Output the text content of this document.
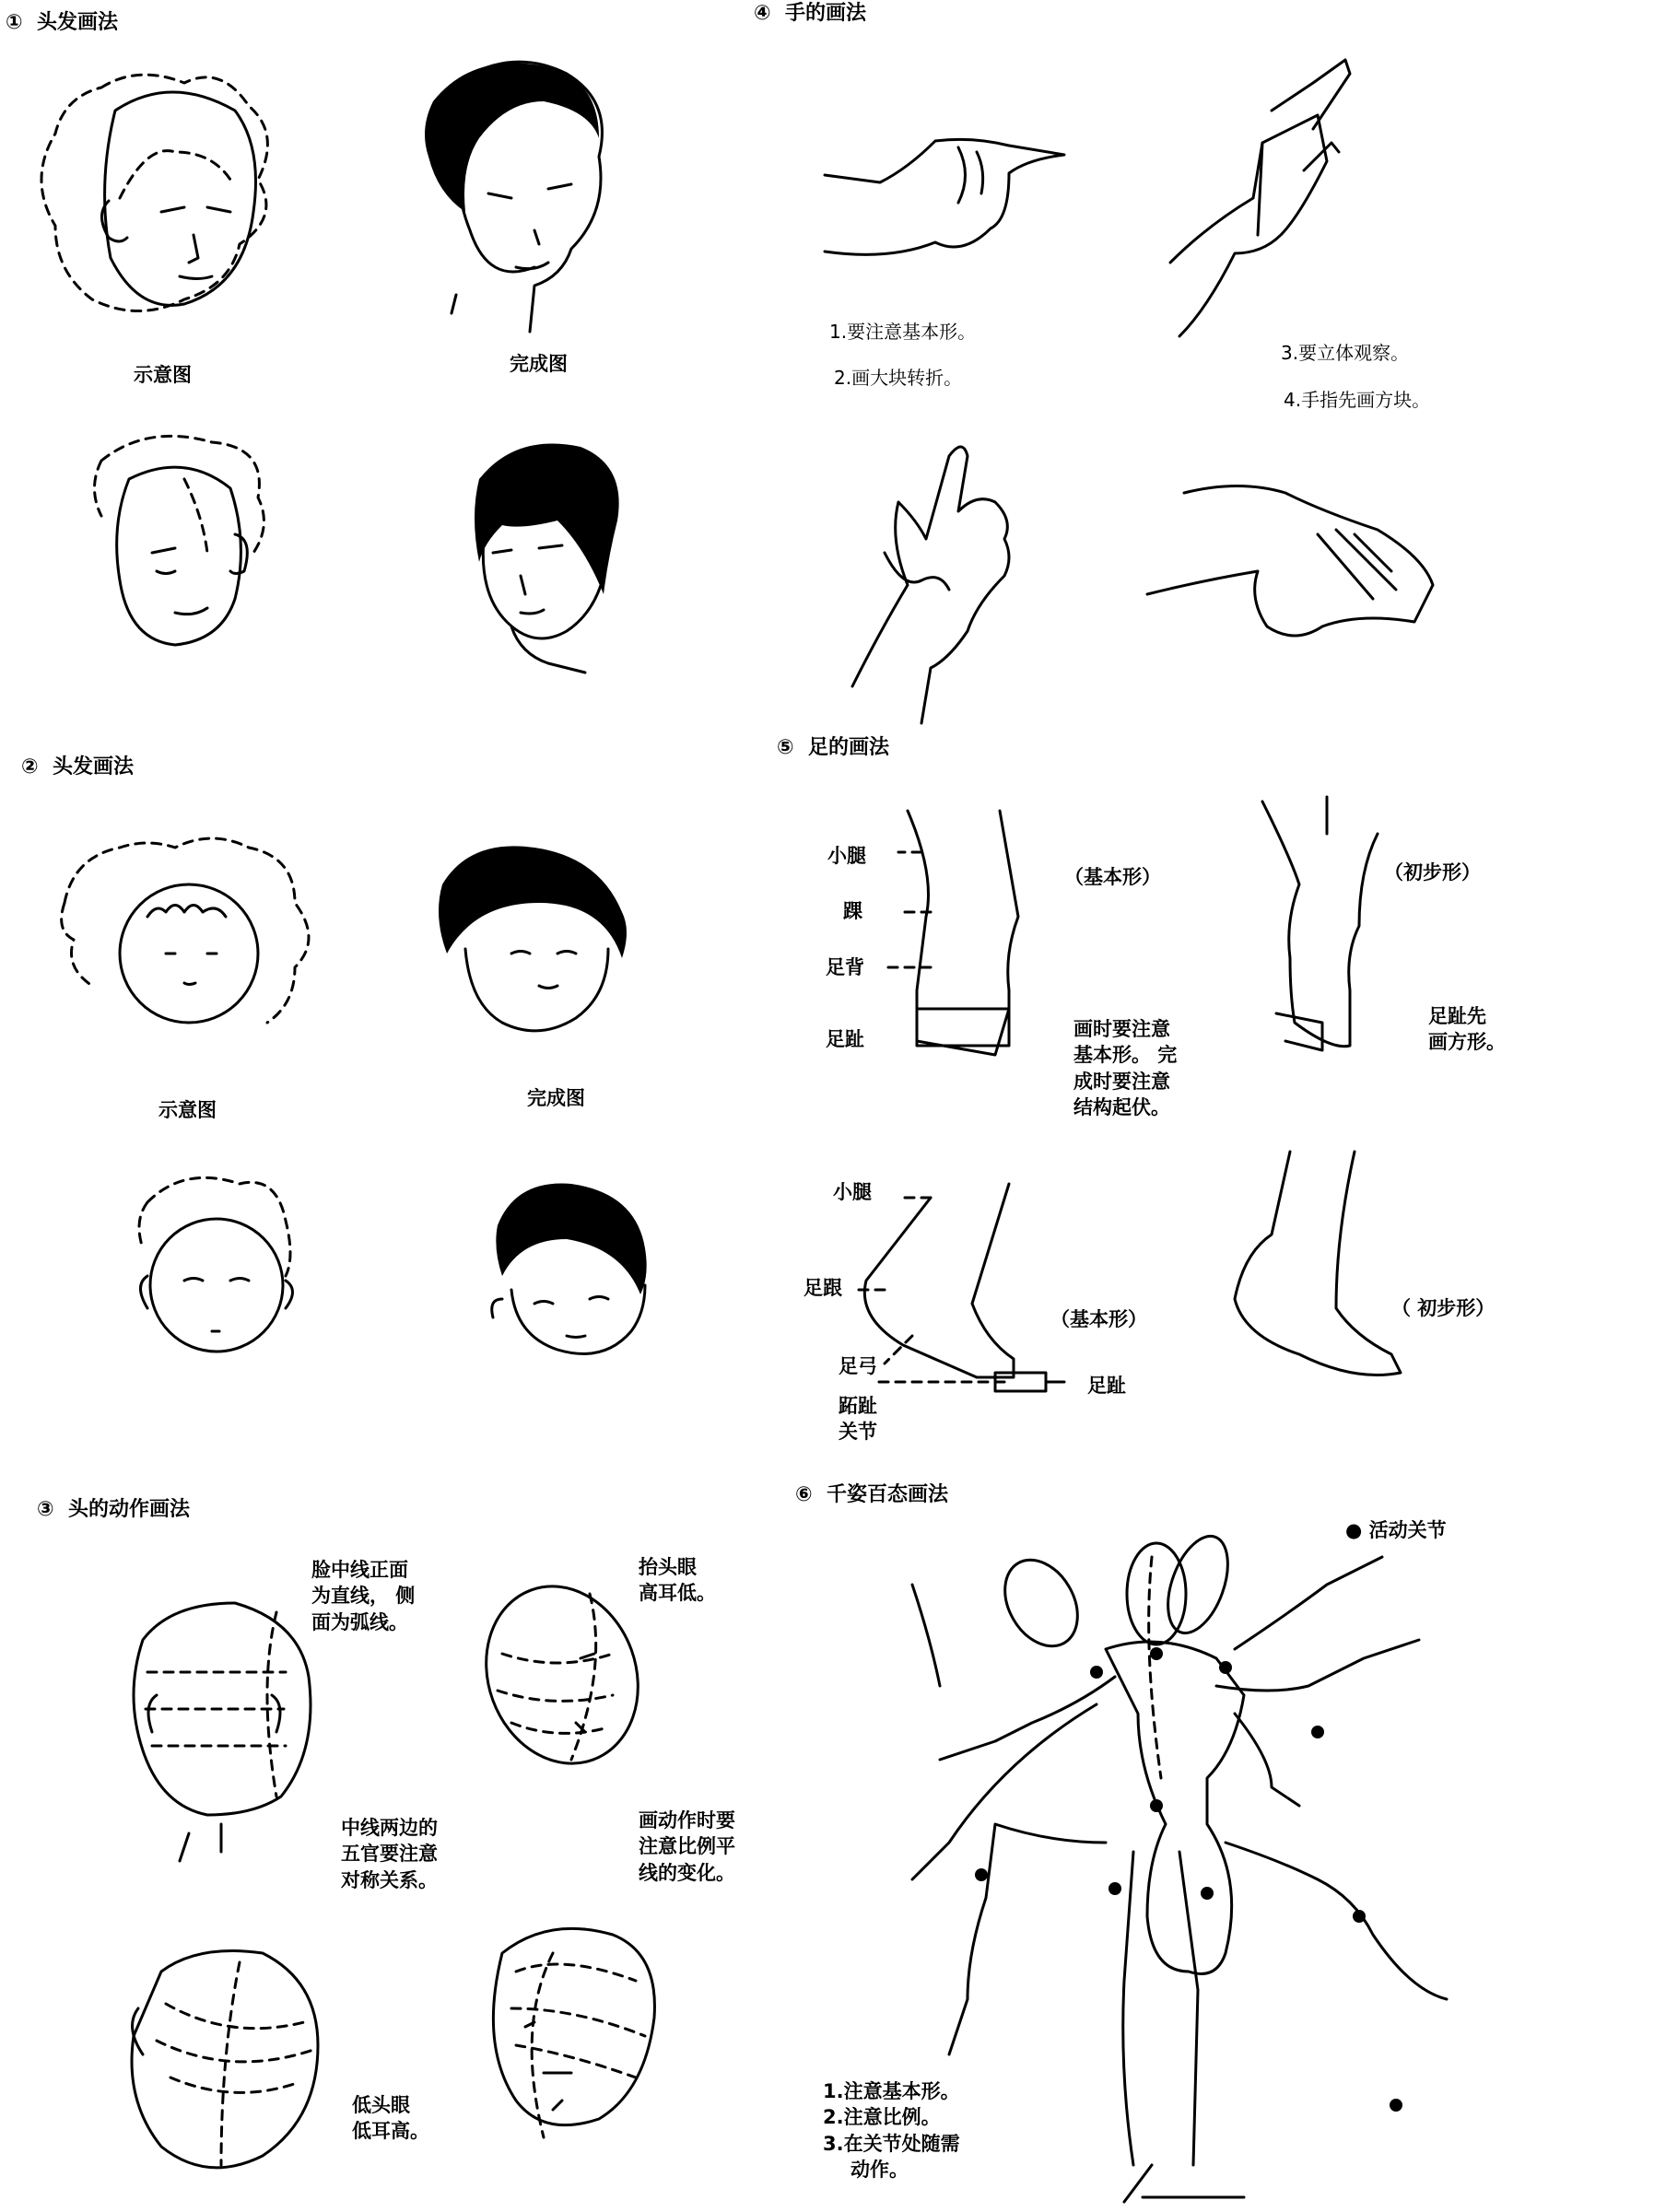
① 头发画法
示意图	完成图
② 头发画法
示意图
完成图
③ 头的动作画法
脸中线正面
为直线， 侧
面为弧线。
抬头眼
高耳低。
中线两边的
五官要注意
对称关系。
画动作时要
注意比例平
线的变化。
低头眼
低耳高。
④ 手的画法
1.要注意基本形。
2.画大块转折。
3.要立体观察。
4.手指先画方块。
⑤ 足的画法
小腿
踝
足背
足趾
（基本形）	（初步形）
画时要注意
基本形。 完
成时要注意
结构起伏。
足趾先
画方形。
小腿
足跟
足弓
跖趾
关节
足趾
（基本形）	（ 初步形）
⑥ 千姿百态画法
● 活动关节
1.注意基本形。
2.注意比例。
3.在关节处随需
动作。
